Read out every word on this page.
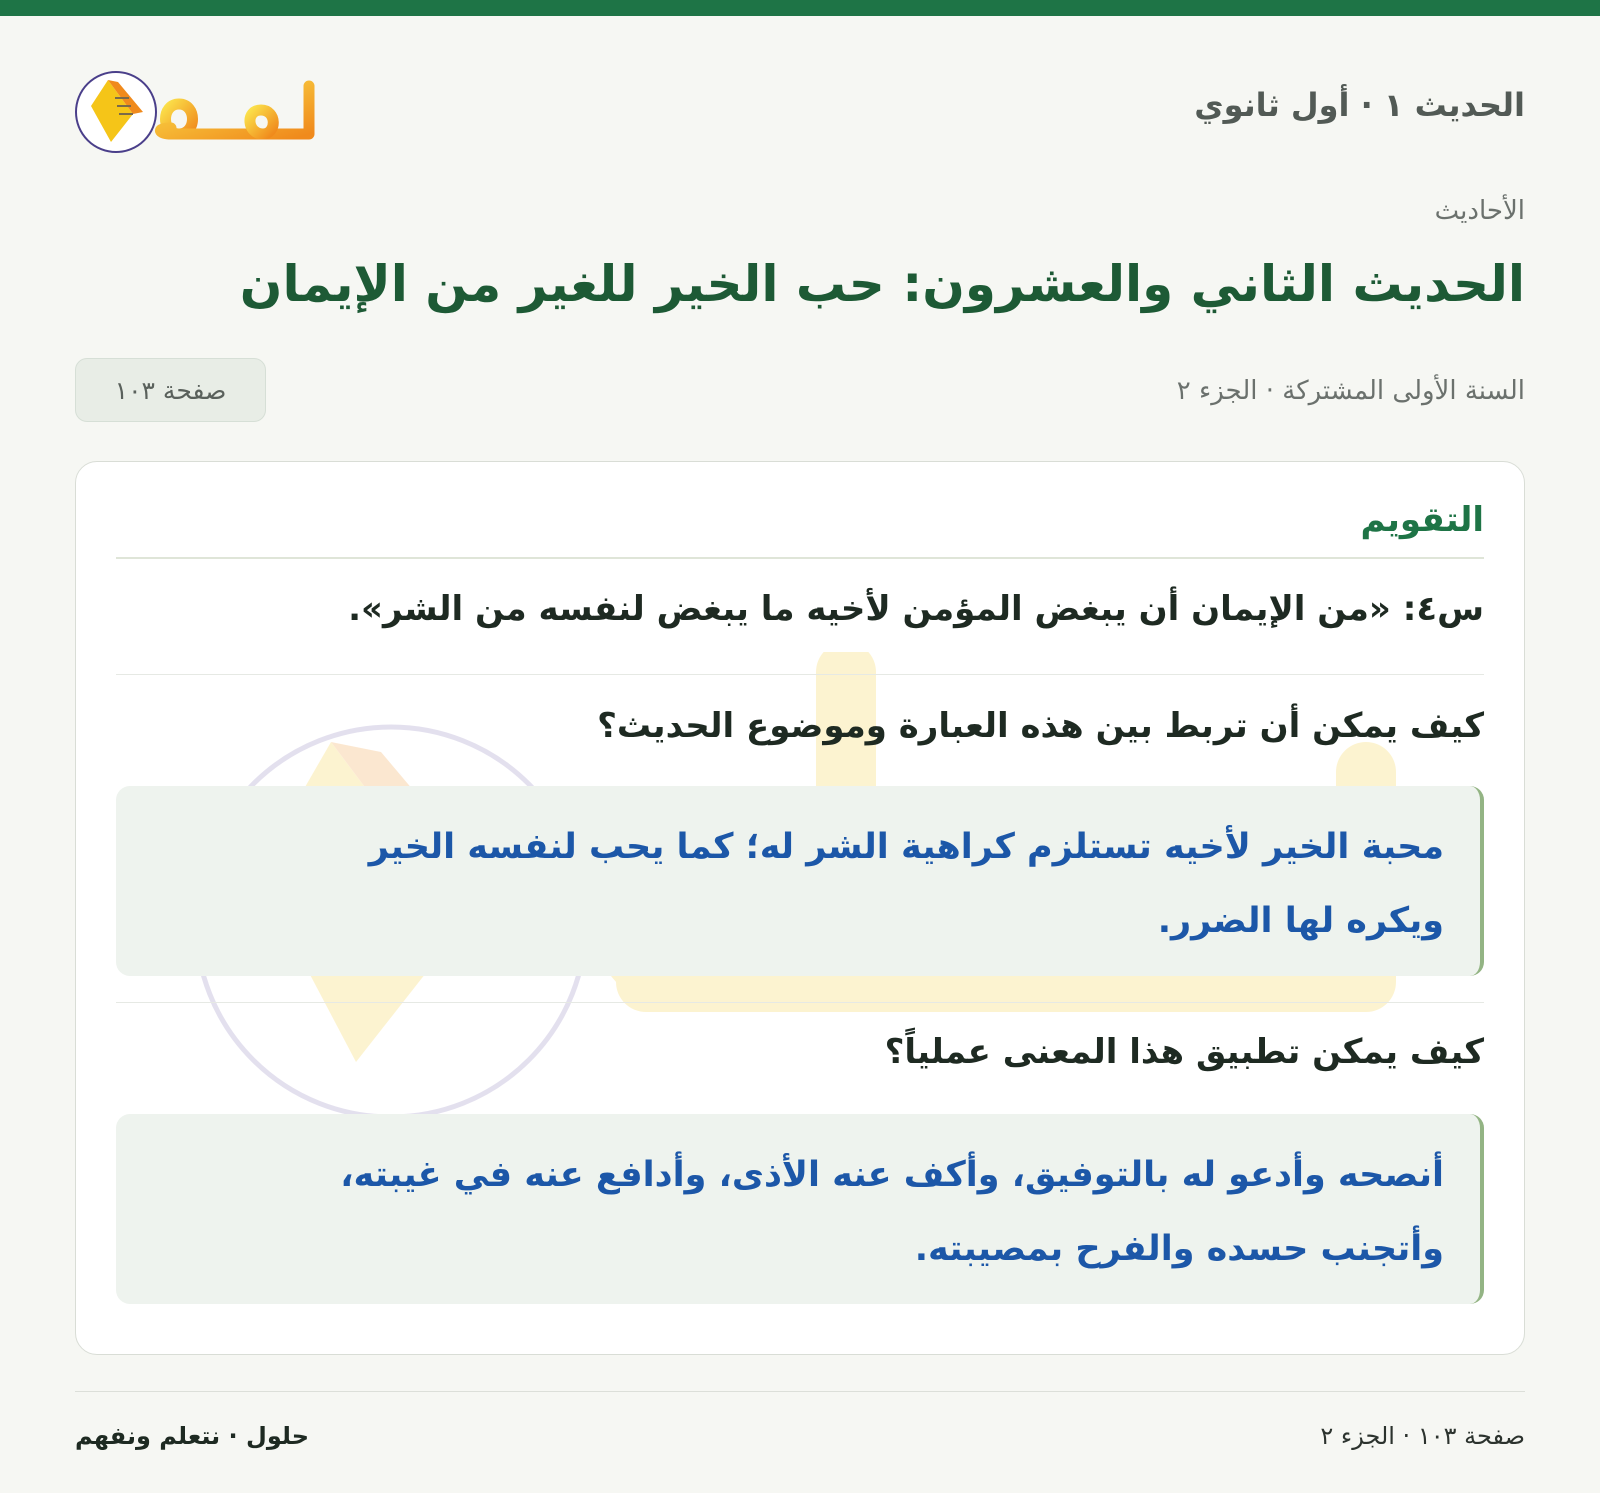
الحديث ١ · أول ثانوي
الأحاديث
الحديث الثاني والعشرون: حب الخير للغير من الإيمان
السنة الأولى المشتركة · الجزء ٢
صفحة ١٠٣
التقويم
س٤: «من الإيمان أن يبغض المؤمن لأخيه ما يبغض لنفسه من الشر».
كيف يمكن أن تربط بين هذه العبارة وموضوع الحديث؟
محبة الخير لأخيه تستلزم كراهية الشر له؛ كما يحب لنفسه الخير
ويكره لها الضرر.
كيف يمكن تطبيق هذا المعنى عملياً؟
أنصحه وأدعو له بالتوفيق، وأكف عنه الأذى، وأدافع عنه في غيبته،
وأتجنب حسده والفرح بمصيبته.
حلول · نتعلم ونفهم	صفحة ١٠٣ · الجزء ٢
